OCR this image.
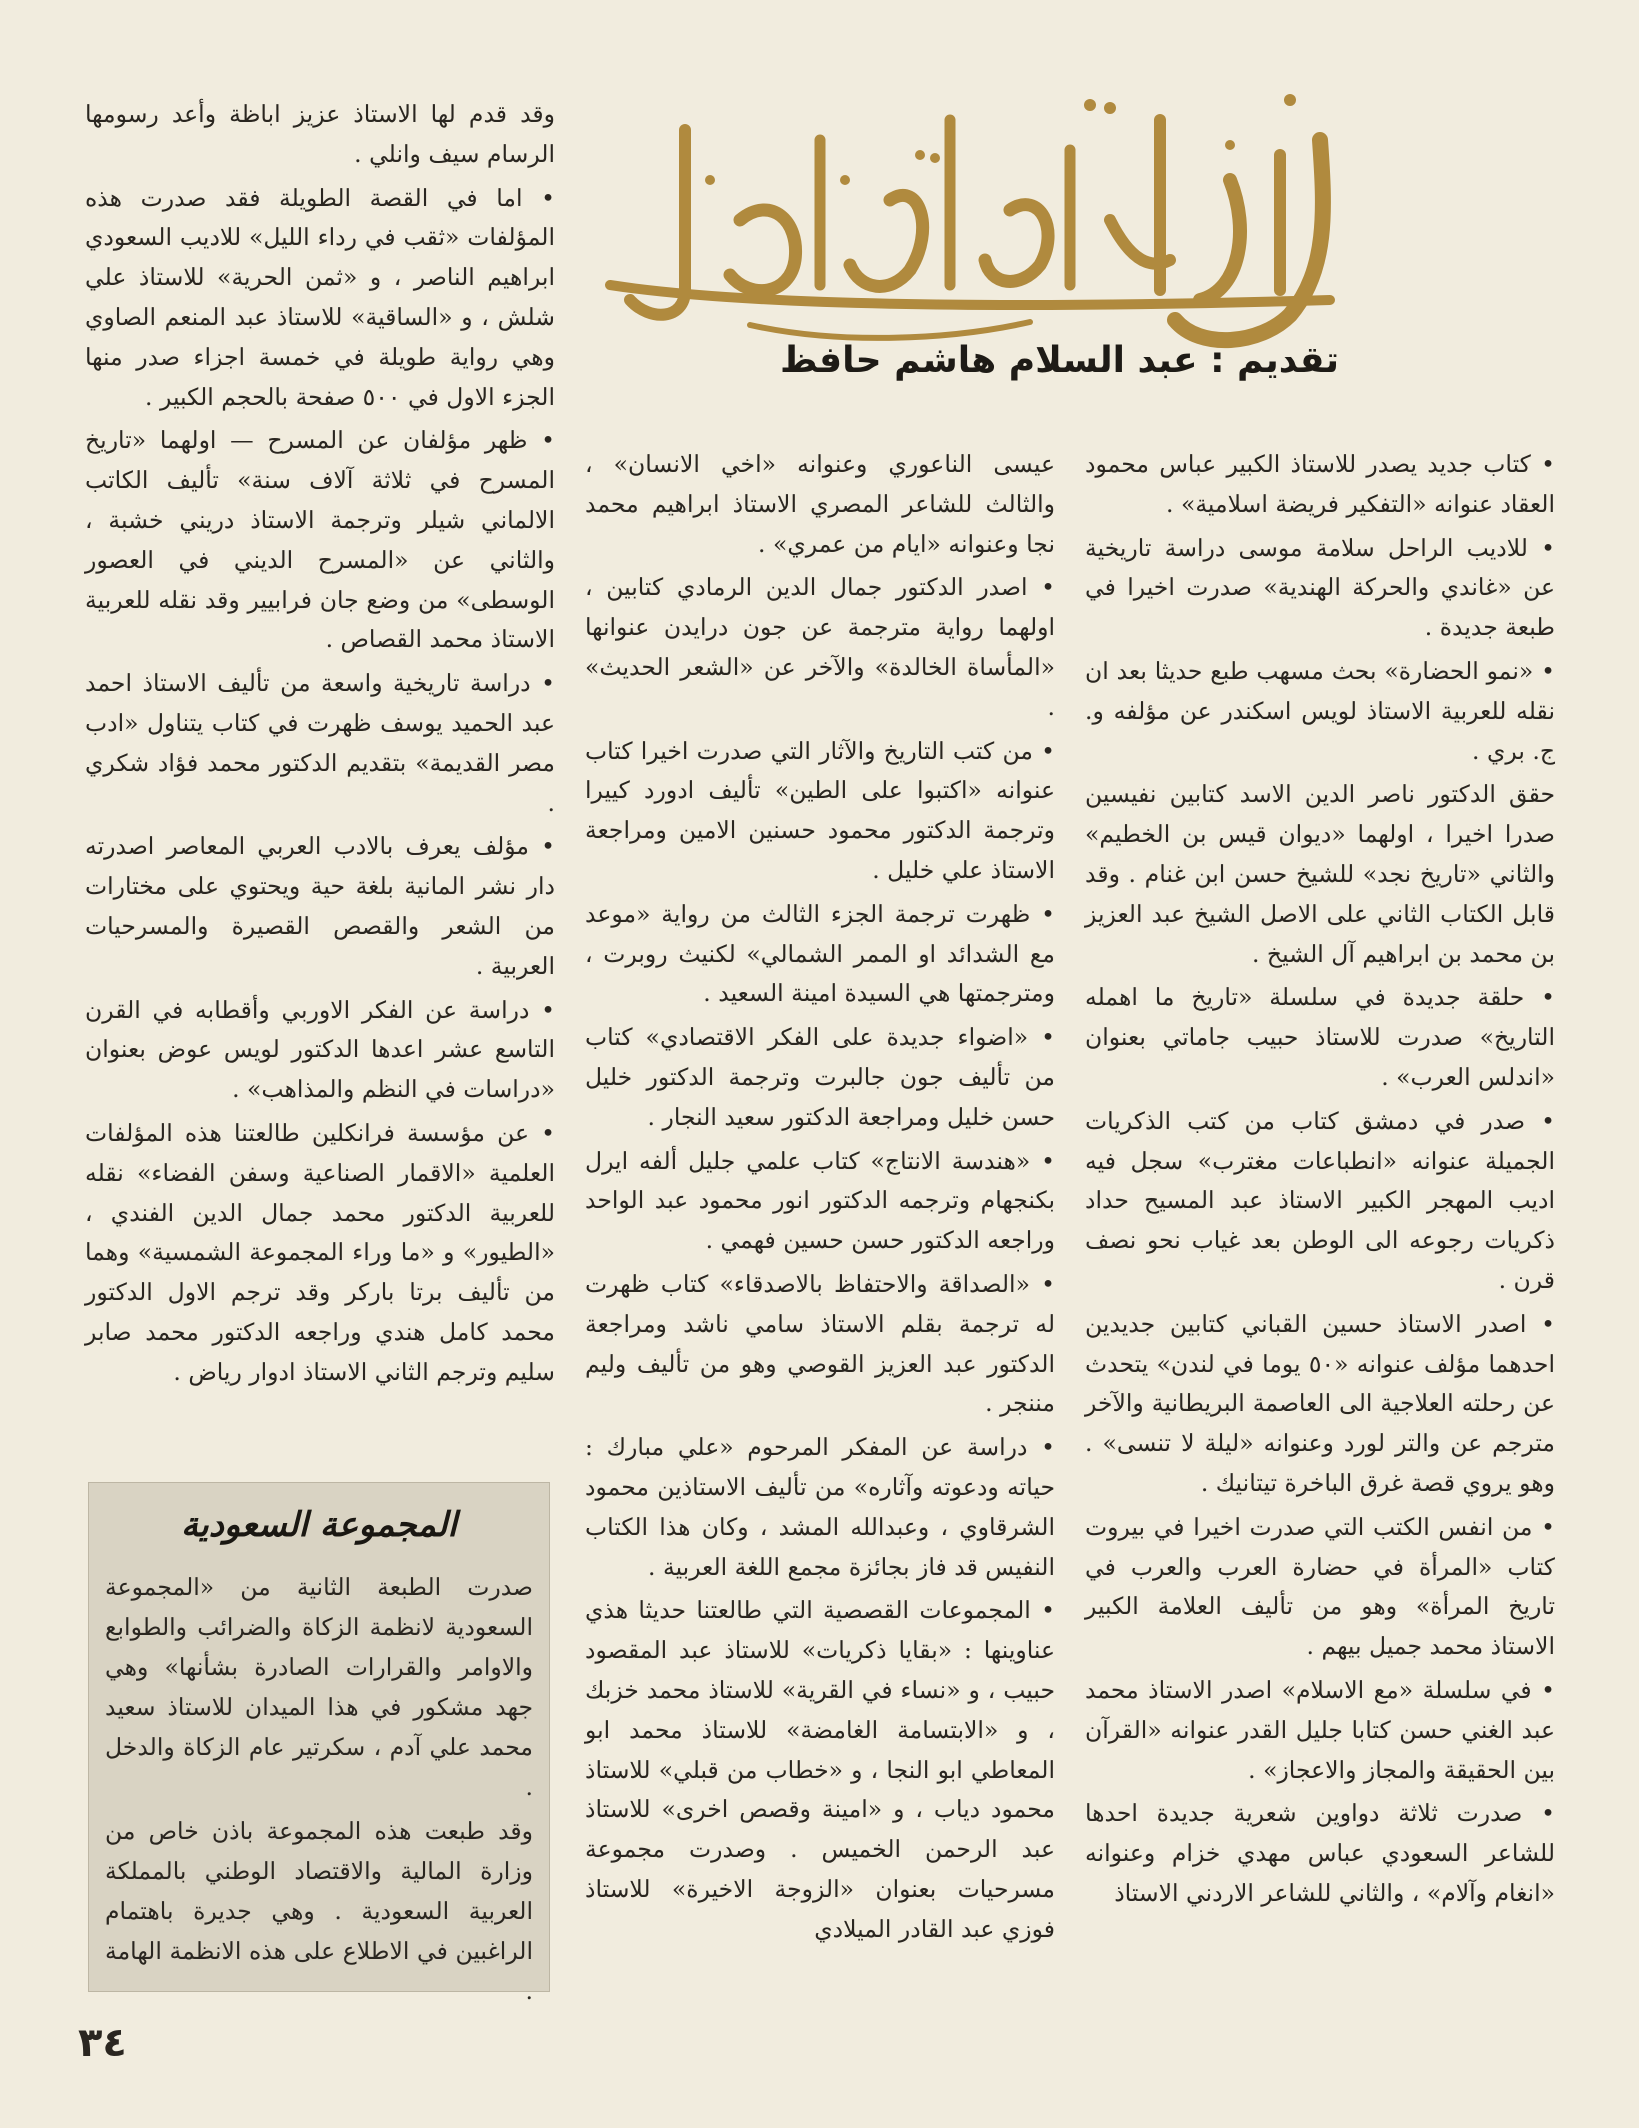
تقديم : عبد السلام هاشم حافظ

• كتاب جديد يصدر للاستاذ الكبير عباس محمود العقاد عنوانه «التفكير فريضة اسلامية» .

• للاديب الراحل سلامة موسى دراسة تاريخية عن «غاندي والحركة الهندية» صدرت اخيرا في طبعة جديدة .

• «نمو الحضارة» بحث مسهب طبع حديثا بعد ان نقله للعربية الاستاذ لويس اسكندر عن مؤلفه و. ج. بري .

حقق الدكتور ناصر الدين الاسد كتابين نفيسين صدرا اخيرا ، اولهما «ديوان قيس بن الخطيم» والثاني «تاريخ نجد» للشيخ حسن ابن غنام . وقد قابل الكتاب الثاني على الاصل الشيخ عبد العزيز بن محمد بن ابراهيم آل الشيخ .

• حلقة جديدة في سلسلة «تاريخ ما اهمله التاريخ» صدرت للاستاذ حبيب جاماتي بعنوان «اندلس العرب» .

• صدر في دمشق كتاب من كتب الذكريات الجميلة عنوانه «انطباعات مغترب» سجل فيه اديب المهجر الكبير الاستاذ عبد المسيح حداد ذكريات رجوعه الى الوطن بعد غياب نحو نصف قرن .

• اصدر الاستاذ حسين القباني كتابين جديدين احدهما مؤلف عنوانه «٥٠ يوما في لندن» يتحدث عن رحلته العلاجية الى العاصمة البريطانية والآخر مترجم عن والتر لورد وعنوانه «ليلة لا تنسى» . وهو يروي قصة غرق الباخرة تيتانيك .

• من انفس الكتب التي صدرت اخيرا في بيروت كتاب «المرأة في حضارة العرب والعرب في تاريخ المرأة» وهو من تأليف العلامة الكبير الاستاذ محمد جميل بيهم .

• في سلسلة «مع الاسلام» اصدر الاستاذ محمد عبد الغني حسن كتابا جليل القدر عنوانه «القرآن بين الحقيقة والمجاز والاعجاز» .

• صدرت ثلاثة دواوين شعرية جديدة احدها للشاعر السعودي عباس مهدي خزام وعنوانه «انغام وآلام» ، والثاني للشاعر الاردني الاستاذ

عيسى الناعوري وعنوانه «اخي الانسان» ، والثالث للشاعر المصري الاستاذ ابراهيم محمد نجا وعنوانه «ايام من عمري» .

• اصدر الدكتور جمال الدين الرمادي كتابين ، اولهما رواية مترجمة عن جون درايدن عنوانها «المأساة الخالدة» والآخر عن «الشعر الحديث» .

• من كتب التاريخ والآثار التي صدرت اخيرا كتاب عنوانه «اكتبوا على الطين» تأليف ادورد كييرا وترجمة الدكتور محمود حسنين الامين ومراجعة الاستاذ علي خليل .

• ظهرت ترجمة الجزء الثالث من رواية «موعد مع الشدائد او الممر الشمالي» لكنيث روبرت ، ومترجمتها هي السيدة امينة السعيد .

• «اضواء جديدة على الفكر الاقتصادي» كتاب من تأليف جون جالبرت وترجمة الدكتور خليل حسن خليل ومراجعة الدكتور سعيد النجار .

• «هندسة الانتاج» كتاب علمي جليل ألفه ايرل بكنجهام وترجمه الدكتور انور محمود عبد الواحد وراجعه الدكتور حسن حسين فهمي .

• «الصداقة والاحتفاظ بالاصدقاء» كتاب ظهرت له ترجمة بقلم الاستاذ سامي ناشد ومراجعة الدكتور عبد العزيز القوصي وهو من تأليف وليم مننجر .

• دراسة عن المفكر المرحوم «علي مبارك : حياته ودعوته وآثاره» من تأليف الاستاذين محمود الشرقاوي ، وعبدالله المشد ، وكان هذا الكتاب النفيس قد فاز بجائزة مجمع اللغة العربية .

• المجموعات القصصية التي طالعتنا حديثا هذي عناوينها : «بقايا ذكريات» للاستاذ عبد المقصود حبيب ، و «نساء في القرية» للاستاذ محمد خزبك ، و «الابتسامة الغامضة» للاستاذ محمد ابو المعاطي ابو النجا ، و «خطاب من قبلي» للاستاذ محمود دياب ، و «امينة وقصص اخرى» للاستاذ عبد الرحمن الخميس . وصدرت مجموعة مسرحيات بعنوان «الزوجة الاخيرة» للاستاذ فوزي عبد القادر الميلادي

وقد قدم لها الاستاذ عزيز اباظة وأعد رسومها الرسام سيف وانلي .

• اما في القصة الطويلة فقد صدرت هذه المؤلفات «ثقب في رداء الليل» للاديب السعودي ابراهيم الناصر ، و «ثمن الحرية» للاستاذ علي شلش ، و «الساقية» للاستاذ عبد المنعم الصاوي وهي رواية طويلة في خمسة اجزاء صدر منها الجزء الاول في ٥٠٠ صفحة بالحجم الكبير .

• ظهر مؤلفان عن المسرح — اولهما «تاريخ المسرح في ثلاثة آلاف سنة» تأليف الكاتب الالماني شيلر وترجمة الاستاذ دريني خشبة ، والثاني عن «المسرح الديني في العصور الوسطى» من وضع جان فرابيير وقد نقله للعربية الاستاذ محمد القصاص .

• دراسة تاريخية واسعة من تأليف الاستاذ احمد عبد الحميد يوسف ظهرت في كتاب يتناول «ادب مصر القديمة» بتقديم الدكتور محمد فؤاد شكري .

• مؤلف يعرف بالادب العربي المعاصر اصدرته دار نشر المانية بلغة حية ويحتوي على مختارات من الشعر والقصص القصيرة والمسرحيات العربية .

• دراسة عن الفكر الاوربي وأقطابه في القرن التاسع عشر اعدها الدكتور لويس عوض بعنوان «دراسات في النظم والمذاهب» .

• عن مؤسسة فرانكلين طالعتنا هذه المؤلفات العلمية «الاقمار الصناعية وسفن الفضاء» نقله للعربية الدكتور محمد جمال الدين الفندي ، «الطيور» و «ما وراء المجموعة الشمسية» وهما من تأليف برتا باركر وقد ترجم الاول الدكتور محمد كامل هندي وراجعه الدكتور محمد صابر سليم وترجم الثاني الاستاذ ادوار رياض .

المجموعة السعودية

صدرت الطبعة الثانية من «المجموعة السعودية لانظمة الزكاة والضرائب والطوابع والاوامر والقرارات الصادرة بشأنها» وهي جهد مشكور في هذا الميدان للاستاذ سعيد محمد علي آدم ، سكرتير عام الزكاة والدخل .

وقد طبعت هذه المجموعة باذن خاص من وزارة المالية والاقتصاد الوطني بالمملكة العربية السعودية . وهي جديرة باهتمام الراغبين في الاطلاع على هذه الانظمة الهامة .

٣٤
